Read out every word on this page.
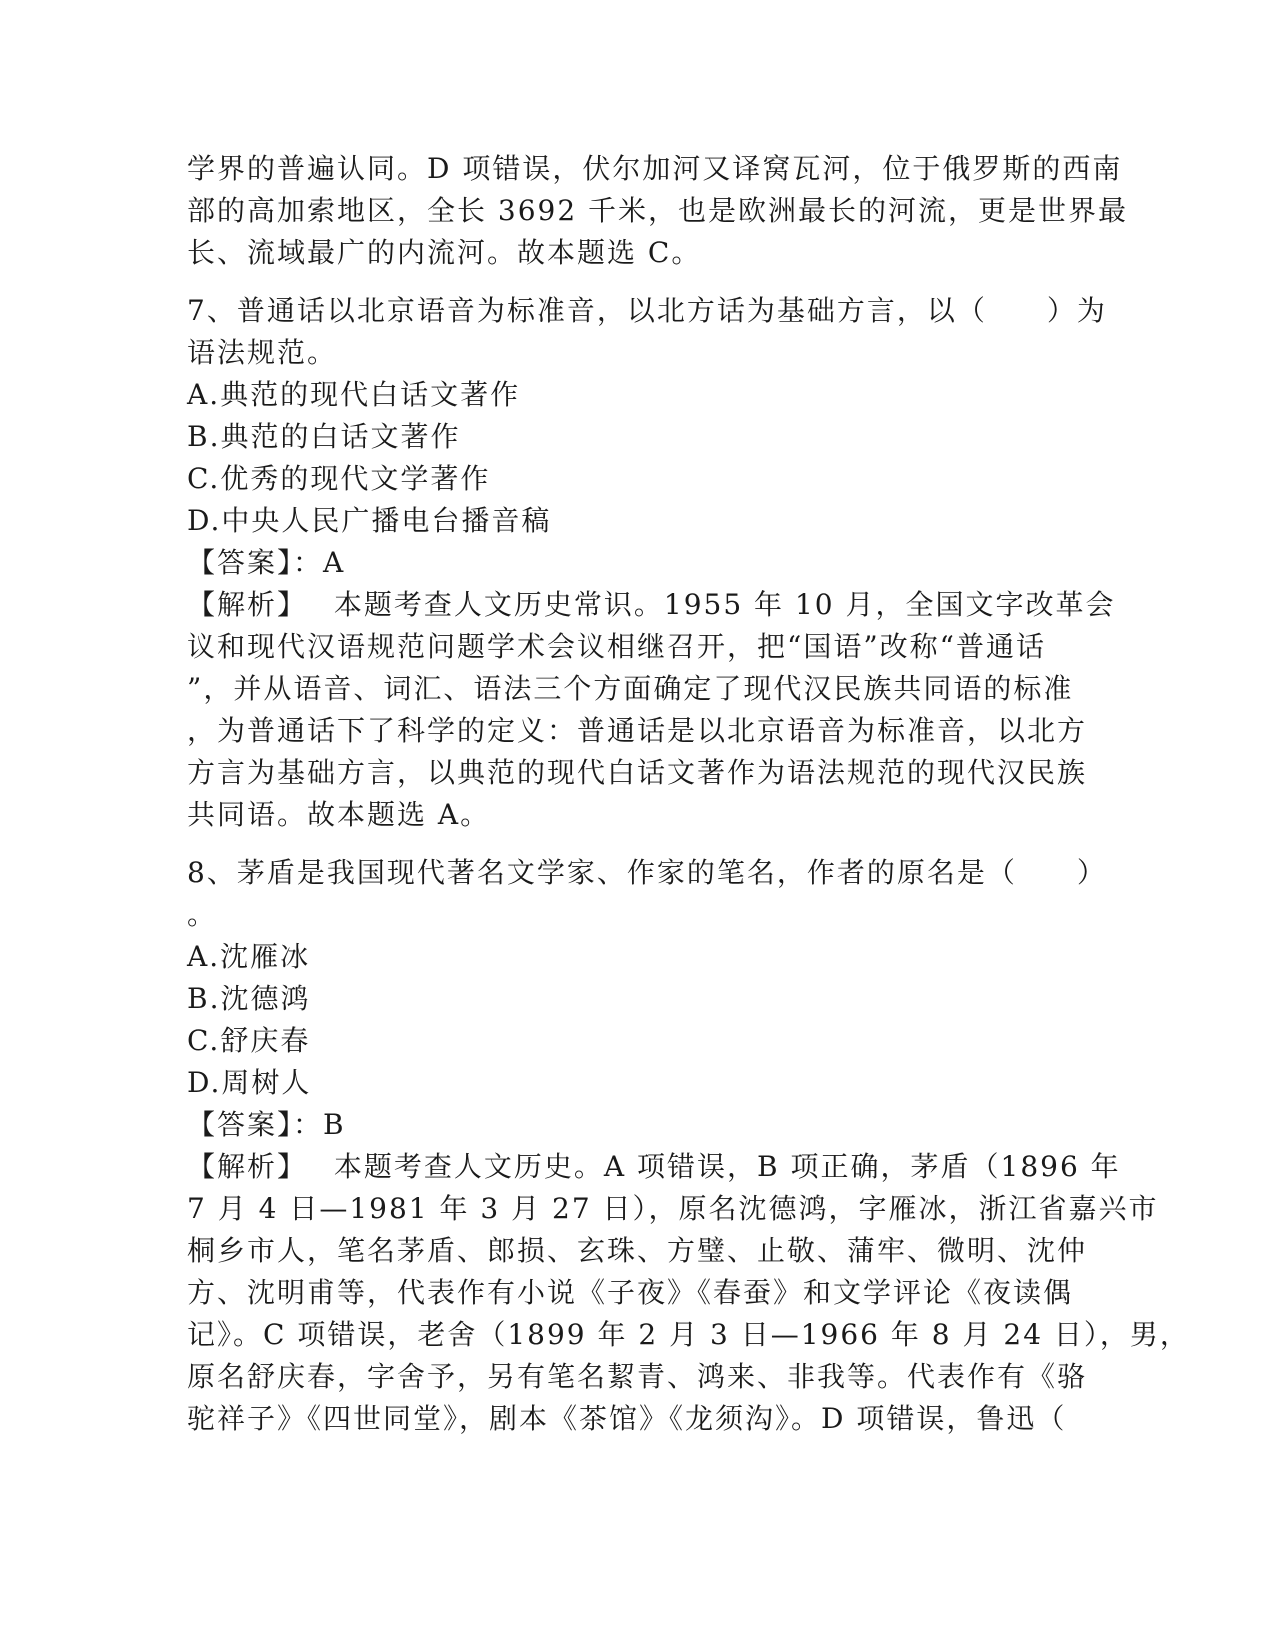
学界的普遍认同。D 项错误，伏尔加河又译窝瓦河，位于俄罗斯的西南
部的高加索地区，全长 3692 千米，也是欧洲最长的河流，更是世界最
长、流域最广的内流河。故本题选 C。
7、普通话以北京语音为标准音，以北方话为基础方言，以（　　）为
语法规范。
A.典范的现代白话文著作
B.典范的白话文著作
C.优秀的现代文学著作
D.中央人民广播电台播音稿
【答案】：A
【解析】　 本题考查人文历史常识。1955 年 10 月，全国文字改革会
议和现代汉语规范问题学术会议相继召开，把“国语”改称“普通话
”，并从语音、词汇、语法三个方面确定了现代汉民族共同语的标准
，为普通话下了科学的定义：普通话是以北京语音为标准音，以北方
方言为基础方言，以典范的现代白话文著作为语法规范的现代汉民族
共同语。故本题选 A。
8、茅盾是我国现代著名文学家、作家的笔名，作者的原名是（　　）
。
A.沈雁冰
B.沈德鸿
C.舒庆春
D.周树人
【答案】：B
【解析】　 本题考查人文历史。A 项错误，B 项正确，茅盾（1896 年
7 月 4 日—1981 年 3 月 27 日），原名沈德鸿，字雁冰，浙江省嘉兴市
桐乡市人，笔名茅盾、郎损、玄珠、方璧、止敬、蒲牢、微明、沈仲
方、沈明甫等，代表作有小说《子夜》《春蚕》和文学评论《夜读偶
记》。C 项错误，老舍（1899 年 2 月 3 日—1966 年 8 月 24 日），男，
原名舒庆春，字舍予，另有笔名絜青、鸿来、非我等。代表作有《骆
驼祥子》《四世同堂》，剧本《茶馆》《龙须沟》。D 项错误，鲁迅（
